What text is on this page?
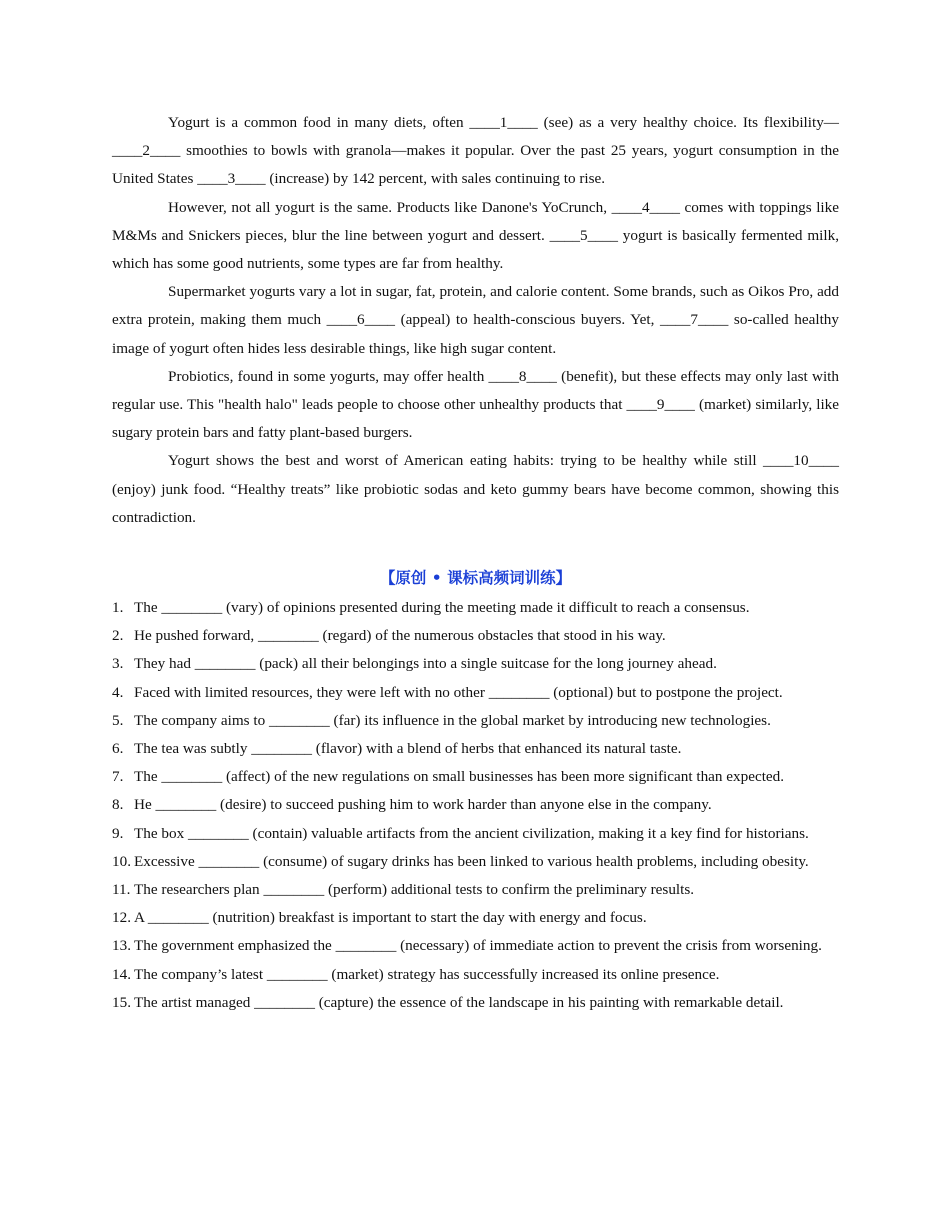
Yogurt is a common food in many diets, often ____1____ (see) as a very healthy choice. Its flexibility—____2____ smoothies to bowls with granola—makes it popular. Over the past 25 years, yogurt consumption in the United States ____3____ (increase) by 142 percent, with sales continuing to rise.

However, not all yogurt is the same. Products like Danone's YoCrunch, ____4____ comes with toppings like M&Ms and Snickers pieces, blur the line between yogurt and dessert. ____5____ yogurt is basically fermented milk, which has some good nutrients, some types are far from healthy.

Supermarket yogurts vary a lot in sugar, fat, protein, and calorie content. Some brands, such as Oikos Pro, add extra protein, making them much ____6____ (appeal) to health-conscious buyers. Yet, ____7____ so-called healthy image of yogurt often hides less desirable things, like high sugar content.

Probiotics, found in some yogurts, may offer health ____8____ (benefit), but these effects may only last with regular use. This "health halo" leads people to choose other unhealthy products that ____9____ (market) similarly, like sugary protein bars and fatty plant-based burgers.

Yogurt shows the best and worst of American eating habits: trying to be healthy while still ____10____ (enjoy) junk food. “Healthy treats” like probiotic sodas and keto gummy bears have become common, showing this contradiction.

【原创 • 课标高频词训练】
1. The ________ (vary) of opinions presented during the meeting made it difficult to reach a consensus.
2. He pushed forward, ________ (regard) of the numerous obstacles that stood in his way.
3. They had ________ (pack) all their belongings into a single suitcase for the long journey ahead.
4. Faced with limited resources, they were left with no other ________ (optional) but to postpone the project.
5. The company aims to ________ (far) its influence in the global market by introducing new technologies.
6. The tea was subtly ________ (flavor) with a blend of herbs that enhanced its natural taste.
7. The ________ (affect) of the new regulations on small businesses has been more significant than expected.
8. He ________ (desire) to succeed pushing him to work harder than anyone else in the company.
9. The box ________ (contain) valuable artifacts from the ancient civilization, making it a key find for historians.
10. Excessive ________ (consume) of sugary drinks has been linked to various health problems, including obesity.
11. The researchers plan ________ (perform) additional tests to confirm the preliminary results.
12. A ________ (nutrition) breakfast is important to start the day with energy and focus.
13. The government emphasized the ________ (necessary) of immediate action to prevent the crisis from worsening.
14. The company’s latest ________ (market) strategy has successfully increased its online presence.
15. The artist managed ________ (capture) the essence of the landscape in his painting with remarkable detail.
